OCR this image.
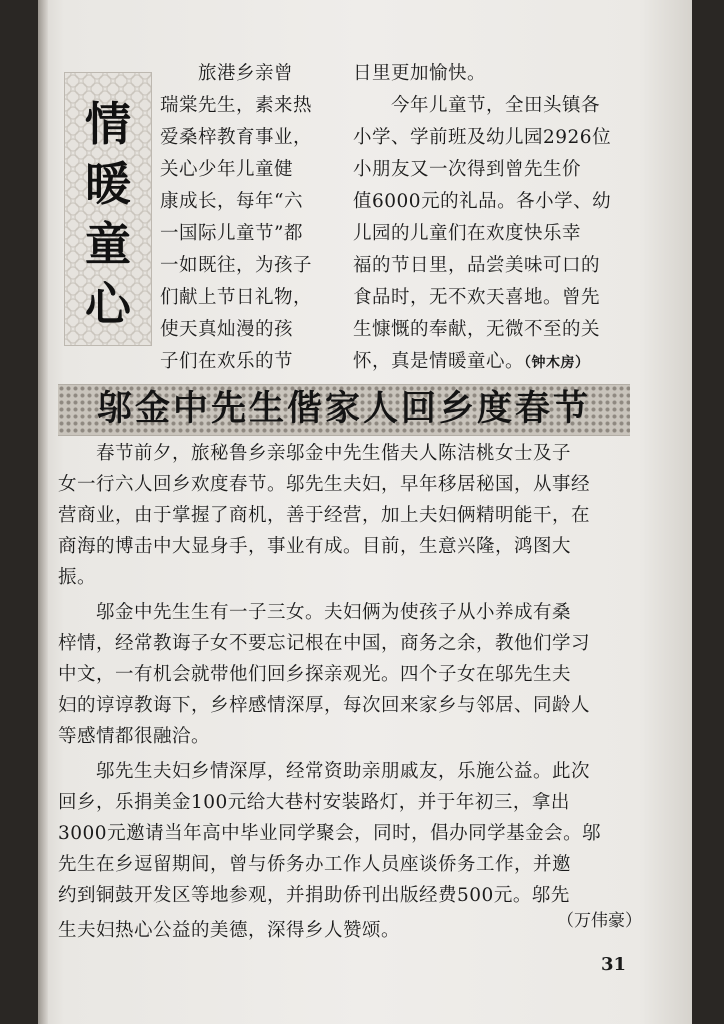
情
暖
童
心
　　旅港乡亲曾
瑞棠先生，素来热
爱桑梓教育事业，
关心少年儿童健
康成长，每年“六
一国际儿童节”都
一如既往，为孩子
们献上节日礼物，
使天真灿漫的孩
子们在欢乐的节
日里更加愉快。
　　今年儿童节，全田头镇各
小学、学前班及幼儿园2926位
小朋友又一次得到曾先生价
值6000元的礼品。各小学、幼
儿园的儿童们在欢度快乐幸
福的节日里，品尝美味可口的
食品时，无不欢天喜地。曾先
生慷慨的奉献，无微不至的关
怀，真是情暖童心。（钟木房）
邬金中先生偕家人回乡度春节
　　春节前夕，旅秘鲁乡亲邬金中先生偕夫人陈洁桃女士及子
女一行六人回乡欢度春节。邬先生夫妇，早年移居秘国，从事经
营商业，由于掌握了商机，善于经营，加上夫妇俩精明能干，在
商海的博击中大显身手，事业有成。目前，生意兴隆，鸿图大
振。
　　邬金中先生生有一子三女。夫妇俩为使孩子从小养成有桑
梓情，经常教诲子女不要忘记根在中国，商务之余，教他们学习
中文，一有机会就带他们回乡探亲观光。四个子女在邬先生夫
妇的谆谆教诲下，乡梓感情深厚，每次回来家乡与邻居、同龄人
等感情都很融洽。
　　邬先生夫妇乡情深厚，经常资助亲朋戚友，乐施公益。此次
回乡，乐捐美金100元给大巷村安装路灯，并于年初三，拿出
3000元邀请当年高中毕业同学聚会，同时，倡办同学基金会。邬
先生在乡逗留期间，曾与侨务办工作人员座谈侨务工作，并邀
约到铜鼓开发区等地参观，并捐助侨刊出版经费500元。邬先
生夫妇热心公益的美德，深得乡人赞颂。	（万伟豪）
31
